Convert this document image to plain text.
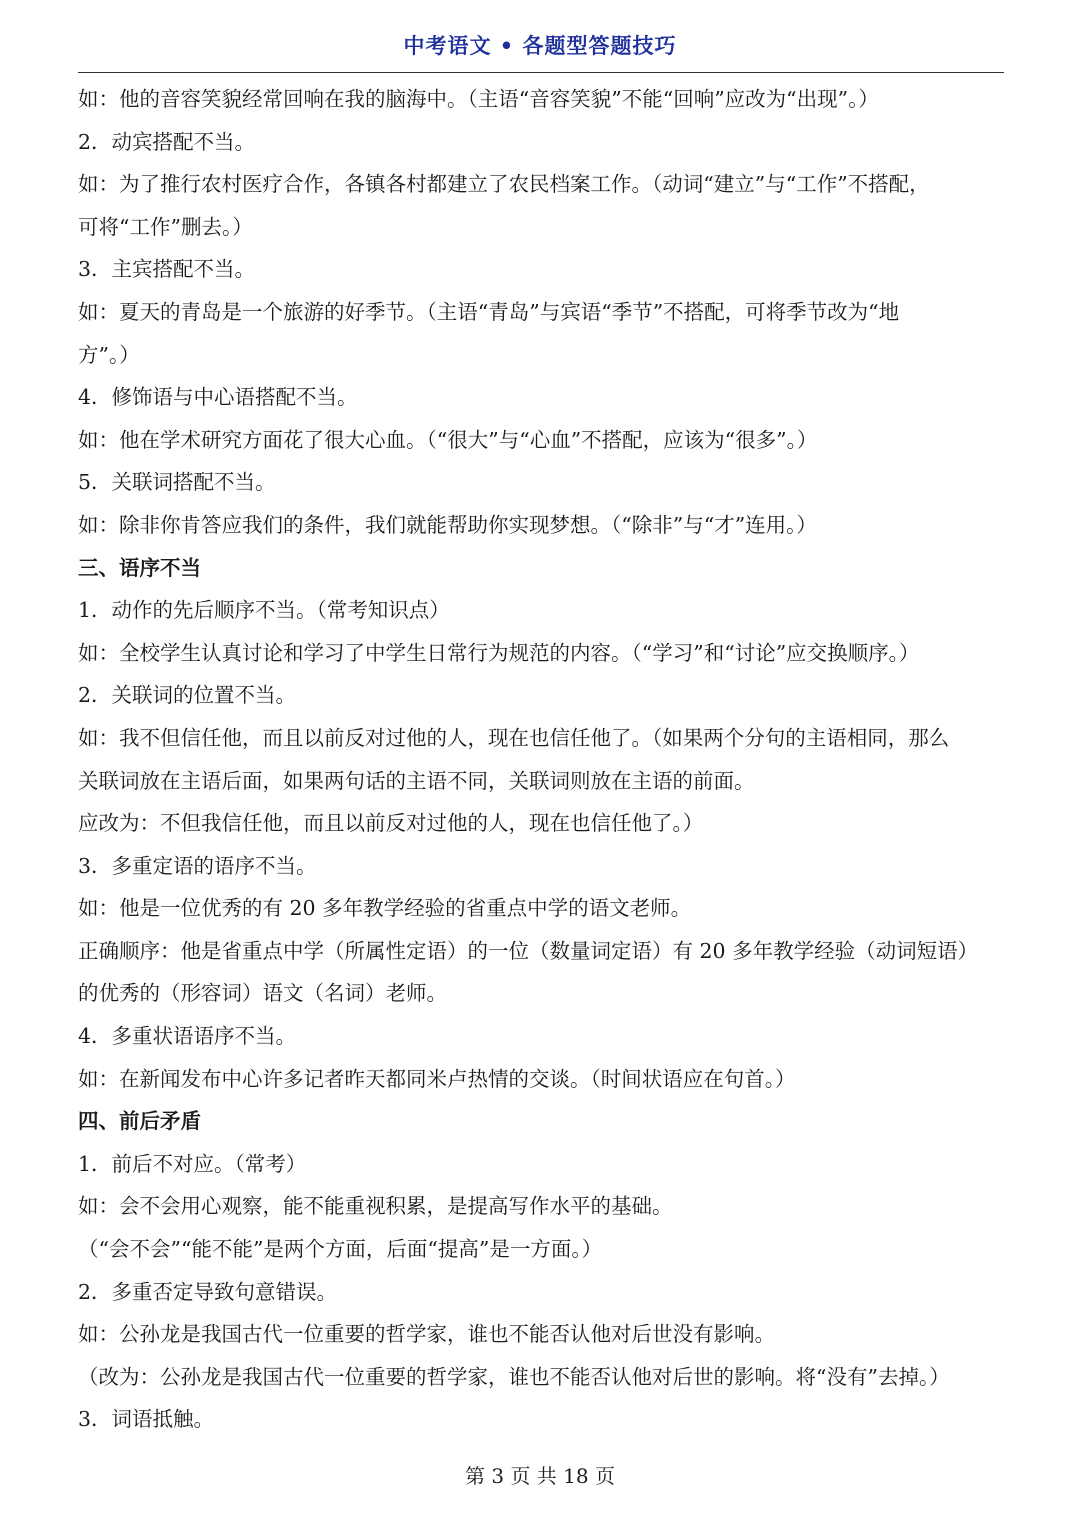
中考语文 • 各题型答题技巧
如：他的音容笑貌经常回响在我的脑海中。（主语“音容笑貌”不能“回响”应改为“出现”。）
2．动宾搭配不当。
如：为了推行农村医疗合作，各镇各村都建立了农民档案工作。（动词“建立”与“工作”不搭配，
可将“工作”删去。）
3．主宾搭配不当。
如：夏天的青岛是一个旅游的好季节。（主语“青岛”与宾语“季节”不搭配，可将季节改为“地
方”。）
4．修饰语与中心语搭配不当。
如：他在学术研究方面花了很大心血。（“很大”与“心血”不搭配，应该为“很多”。）
5．关联词搭配不当。
如：除非你肯答应我们的条件，我们就能帮助你实现梦想。（“除非”与“才”连用。）
三、语序不当
1．动作的先后顺序不当。（常考知识点）
如：全校学生认真讨论和学习了中学生日常行为规范的内容。（“学习”和“讨论”应交换顺序。）
2．关联词的位置不当。
如：我不但信任他，而且以前反对过他的人，现在也信任他了。（如果两个分句的主语相同，那么
关联词放在主语后面，如果两句话的主语不同，关联词则放在主语的前面。
应改为：不但我信任他，而且以前反对过他的人，现在也信任他了。）
3．多重定语的语序不当。
如：他是一位优秀的有 20 多年教学经验的省重点中学的语文老师。
正确顺序：他是省重点中学（所属性定语）的一位（数量词定语）有 20 多年教学经验（动词短语）
的优秀的（形容词）语文（名词）老师。
4．多重状语语序不当。
如：在新闻发布中心许多记者昨天都同米卢热情的交谈。（时间状语应在句首。）
四、前后矛盾
1．前后不对应。（常考）
如：会不会用心观察，能不能重视积累，是提高写作水平的基础。
（“会不会”“能不能”是两个方面，后面“提高”是一方面。）
2．多重否定导致句意错误。
如：公孙龙是我国古代一位重要的哲学家，谁也不能否认他对后世没有影响。
（改为：公孙龙是我国古代一位重要的哲学家，谁也不能否认他对后世的影响。将“没有”去掉。）
3．词语抵触。
第 3 页 共 18 页
